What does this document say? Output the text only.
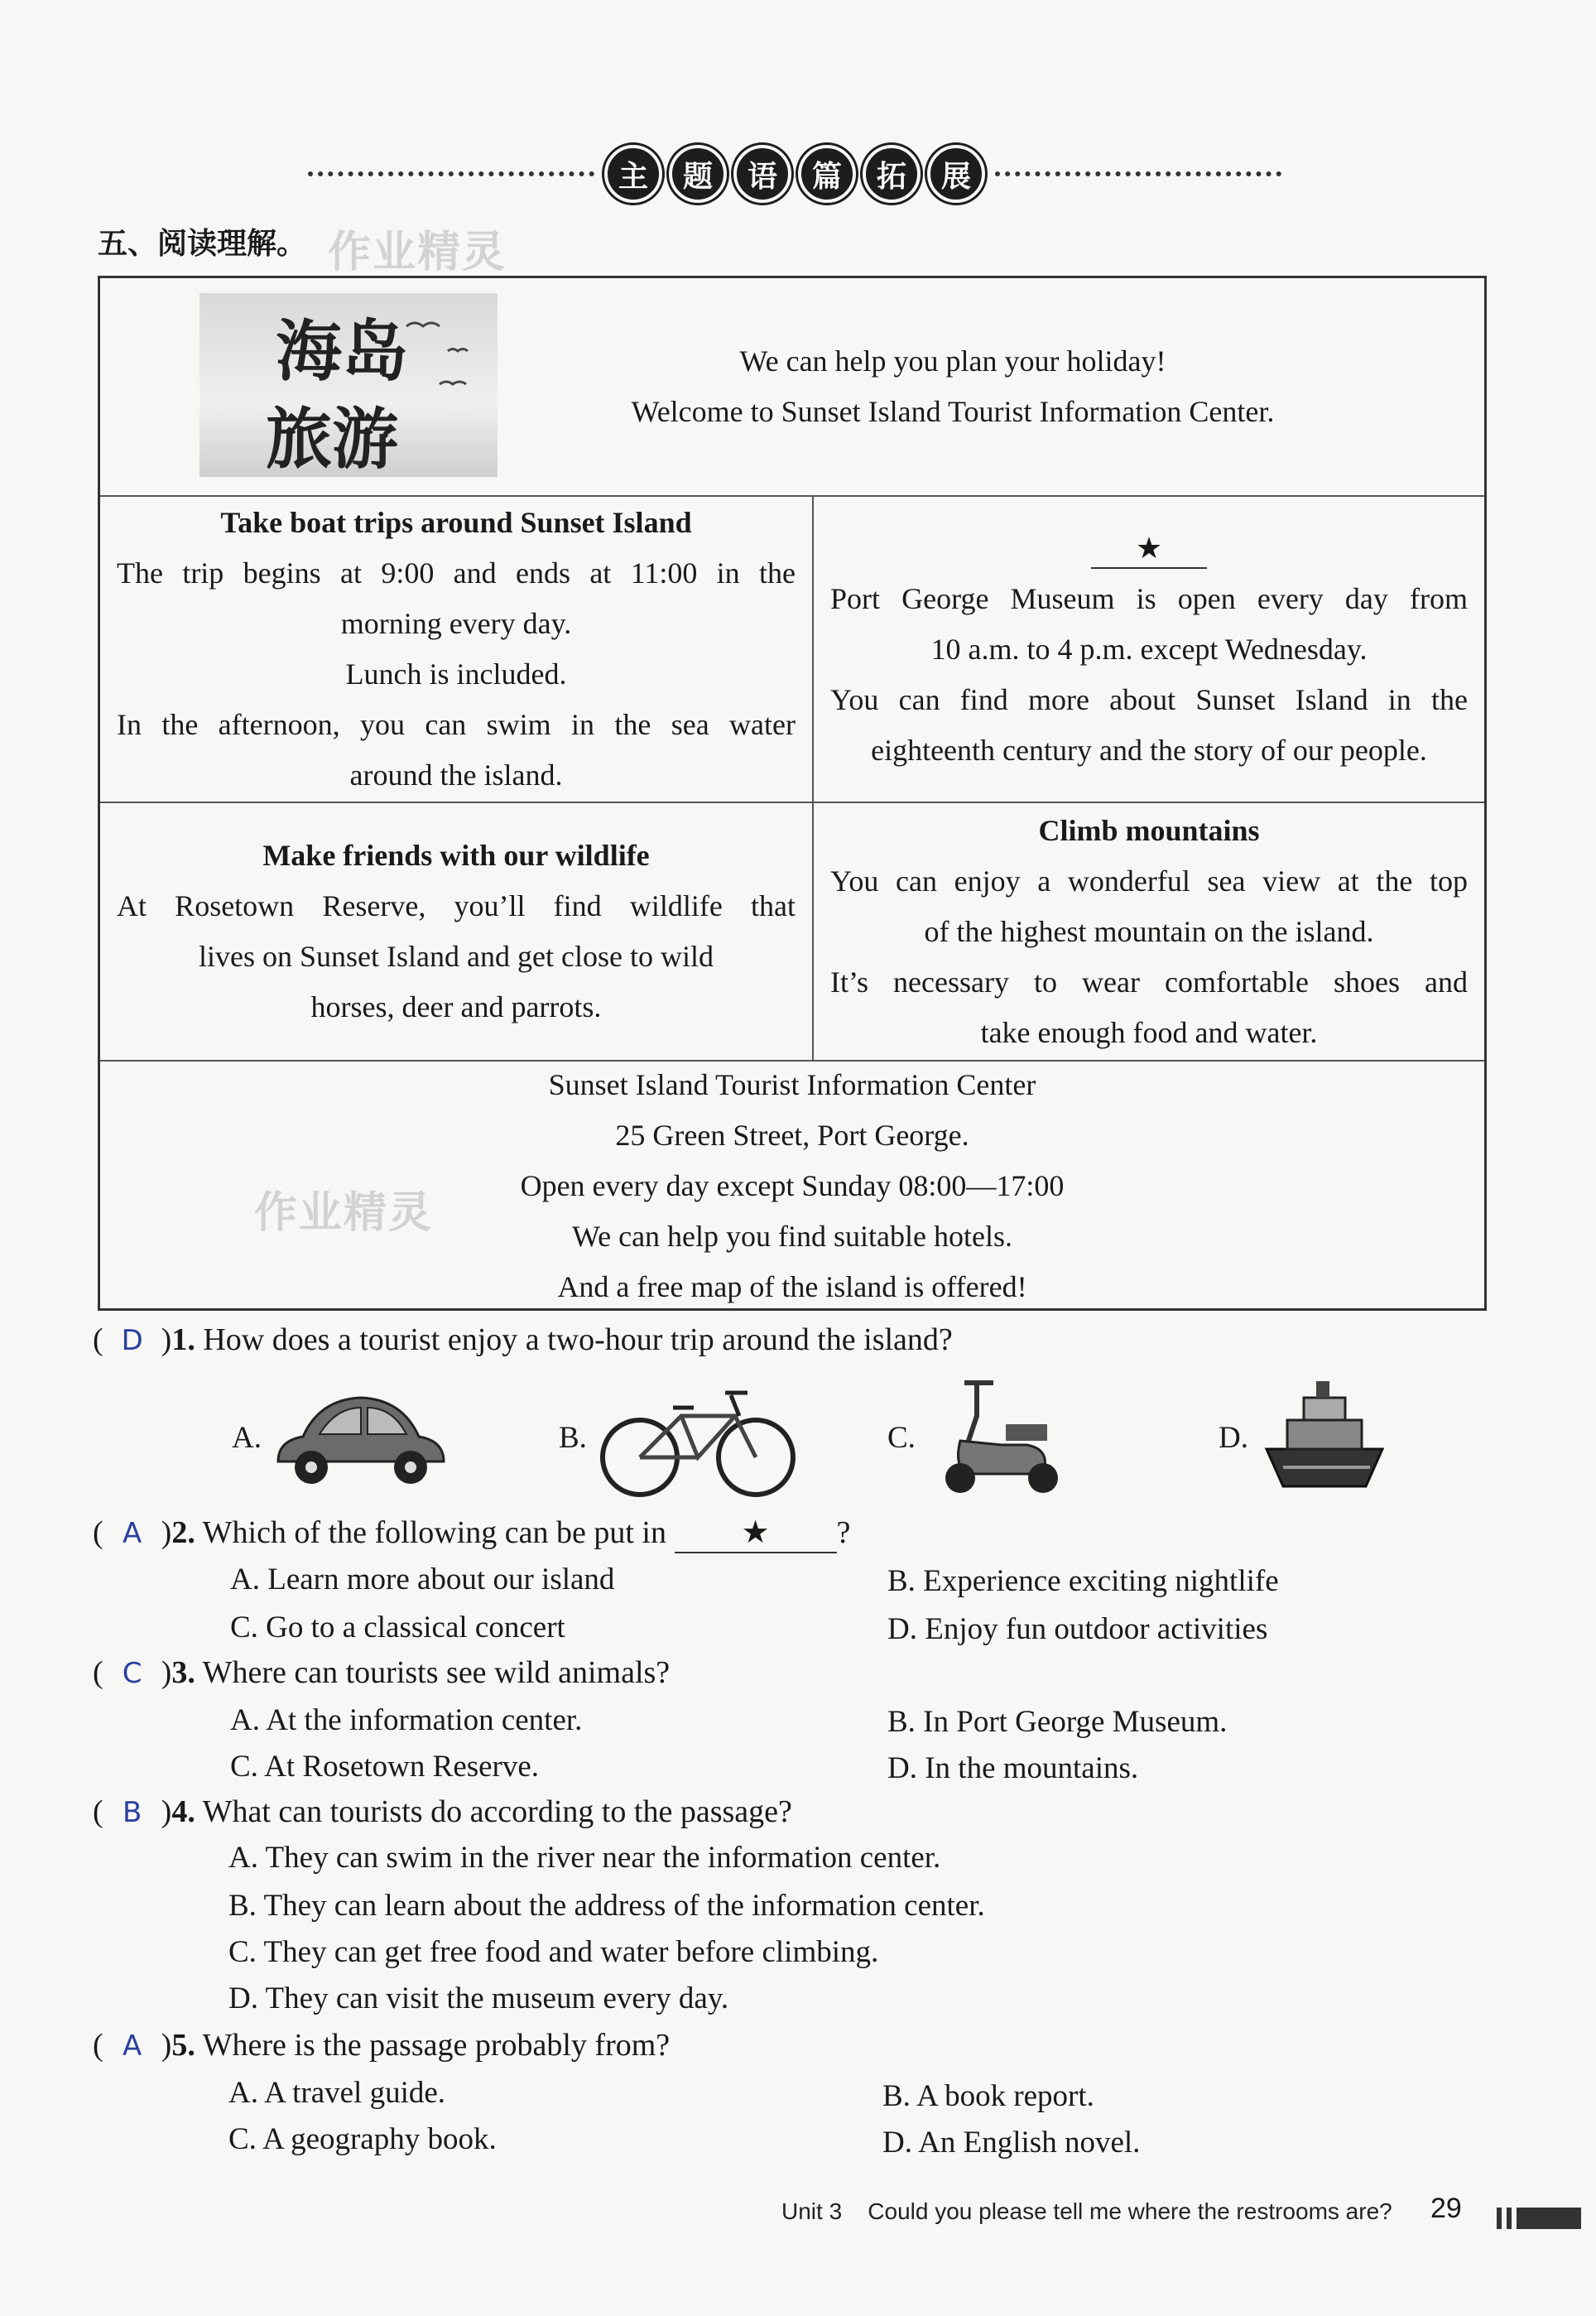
主	题	语	篇	拓	展
五、阅读理解。 作业精灵
海岛
旅游
We can help you plan your holiday!
Welcome to Sunset Island Tourist Information Center.
Take boat trips around Sunset Island
The trip begins at 9:00 and ends at 11:00 in the
morning every day.
Lunch is included.
In the afternoon, you can swim in the sea water
around the island.
★
Port George Museum is open every day from
10 a.m. to 4 p.m. except Wednesday.
You can find more about Sunset Island in the
eighteenth century and the story of our people.
Make friends with our wildlife
At Rosetown Reserve, you’ll find wildlife that
lives on Sunset Island and get close to wild
horses, deer and parrots.
Climb mountains
You can enjoy a wonderful sea view at the top
of the highest mountain on the island.
It’s necessary to wear comfortable shoes and
take enough food and water.
Sunset Island Tourist Information Center
25 Green Street, Port George.
Open every day except Sunday 08:00—17:00
We can help you find suitable hotels.
And a free map of the island is offered!
作业精灵
( D )1. How does a tourist enjoy a two-hour trip around the island?
A.	B.	C.	D.
( A )2. Which of the following can be put in ★ ?
A. Learn more about our island	B. Experience exciting nightlife
C. Go to a classical concert	D. Enjoy fun outdoor activities
( C )3. Where can tourists see wild animals?
A. At the information center.	B. In Port George Museum.
C. At Rosetown Reserve.	D. In the mountains.
( B )4. What can tourists do according to the passage?
A. They can swim in the river near the information center.
B. They can learn about the address of the information center.
C. They can get free food and water before climbing.
D. They can visit the museum every day.
( A )5. Where is the passage probably from?
A. A travel guide.	B. A book report.
C. A geography book.	D. An English novel.
Unit 3 Could you please tell me where the restrooms are? 29
